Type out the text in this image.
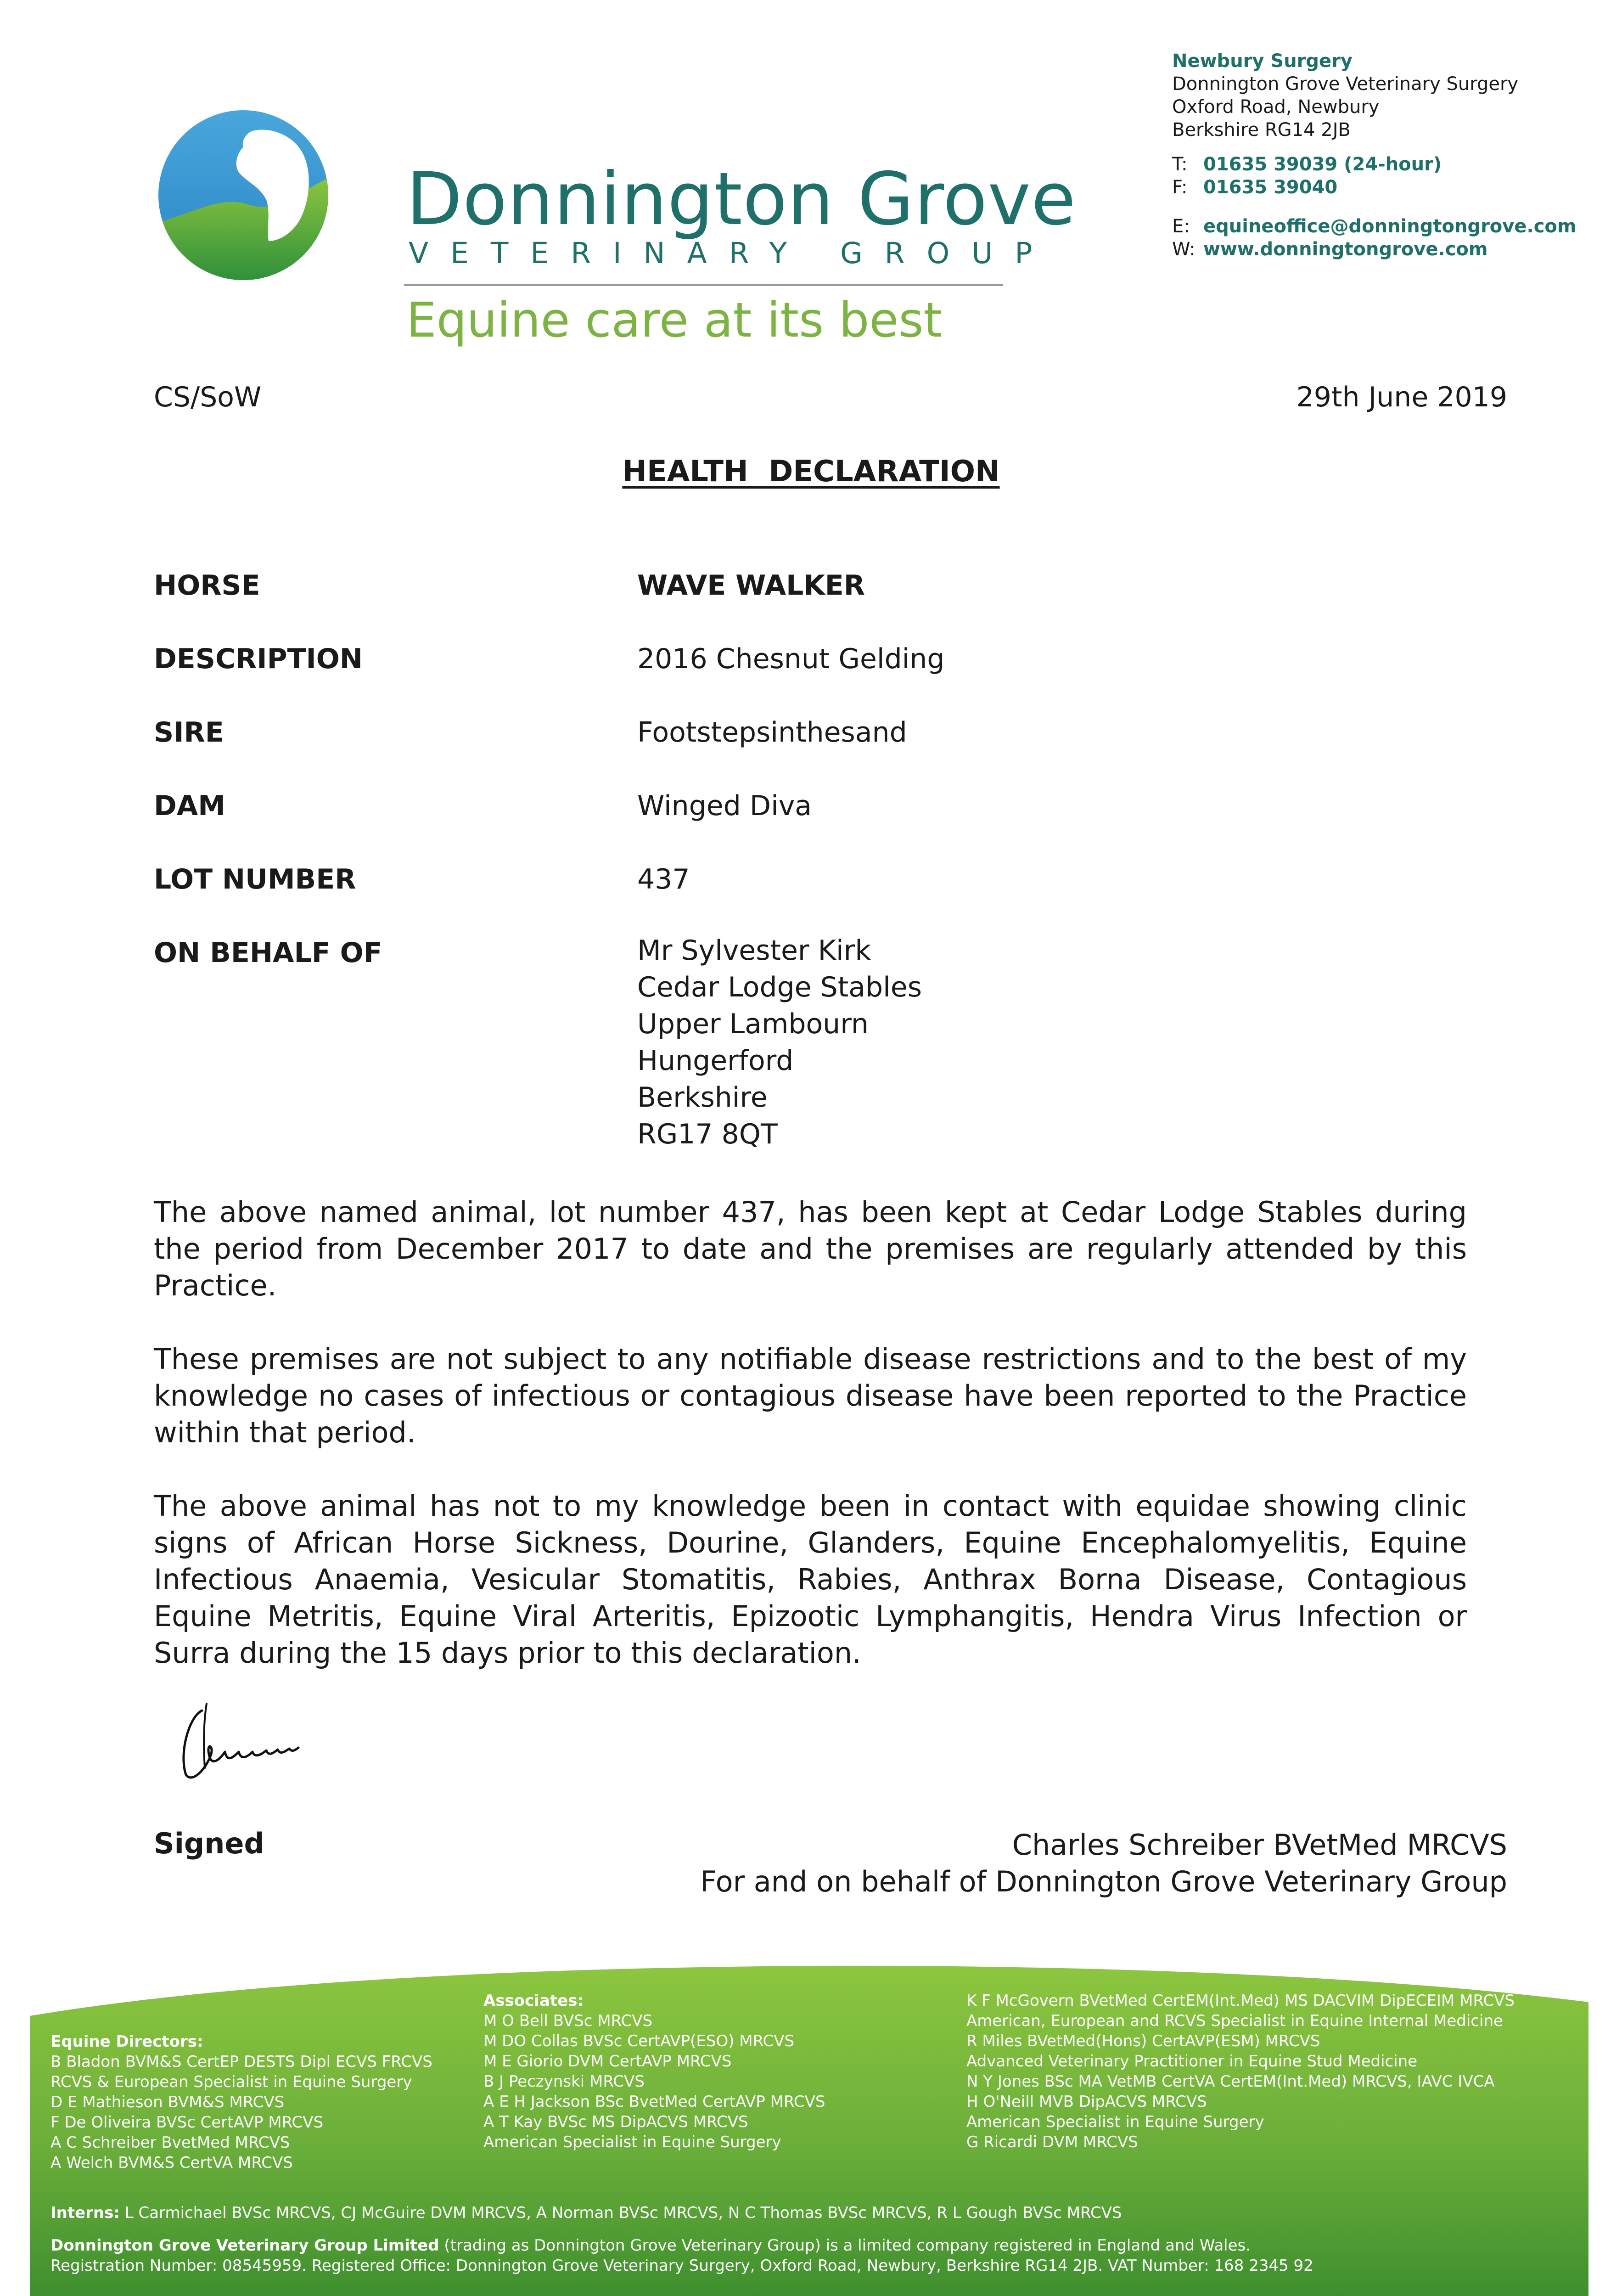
Donnington Grove
VETERINARY GROUP
Equine care at its best
Newbury Surgery
Donnington Grove Veterinary Surgery
Oxford Road, Newbury
Berkshire RG14 2JB
T: 01635 39039 (24-hour)
F: 01635 39040
E: equineoffice@donningtongrove.com
W: www.donningtongrove.com
CS/SoW	29th June 2019
HEALTH  DECLARATION
HORSE	WAVE WALKER
DESCRIPTION	2016 Chesnut Gelding
SIRE	Footstepsinthesand
DAM	Winged Diva
LOT NUMBER	437
ON BEHALF OF	Mr Sylvester Kirk
Cedar Lodge Stables
Upper Lambourn
Hungerford
Berkshire
RG17 8QT
The above named animal, lot number 437, has been kept at Cedar Lodge Stables during the period from December 2017 to date and the premises are regularly attended by this Practice.
These premises are not subject to any notifiable disease restrictions and to the best of my knowledge no cases of infectious or contagious disease have been reported to the Practice within that period.
The above animal has not to my knowledge been in contact with equidae showing clinic signs of African Horse Sickness, Dourine, Glanders, Equine Encephalomyelitis, Equine Infectious Anaemia, Vesicular Stomatitis, Rabies, Anthrax Borna Disease, Contagious Equine Metritis, Equine Viral Arteritis, Epizootic Lymphangitis, Hendra Virus Infection or Surra during the 15 days prior to this declaration.
Signed	Charles Schreiber BVetMed MRCVS
For and on behalf of Donnington Grove Veterinary Group
Equine Directors:
B Bladon BVM&S CertEP DESTS Dipl ECVS FRCVS
RCVS & European Specialist in Equine Surgery
D E Mathieson BVM&S MRCVS
F De Oliveira BVSc CertAVP MRCVS
A C Schreiber BvetMed MRCVS
A Welch BVM&S CertVA MRCVS
Associates:
M O Bell BVSc MRCVS
M DO Collas BVSc CertAVP(ESO) MRCVS
M E Giorio DVM CertAVP MRCVS
B J Peczynski MRCVS
A E H Jackson BSc BvetMed CertAVP MRCVS
A T Kay BVSc MS DipACVS MRCVS
American Specialist in Equine Surgery
K F McGovern BVetMed CertEM(Int.Med) MS DACVIM DipECEIM MRCVS
American, European and RCVS Specialist in Equine Internal Medicine
R Miles BVetMed(Hons) CertAVP(ESM) MRCVS
Advanced Veterinary Practitioner in Equine Stud Medicine
N Y Jones BSc MA VetMB CertVA CertEM(Int.Med) MRCVS, IAVC IVCA
H O'Neill MVB DipACVS MRCVS
American Specialist in Equine Surgery
G Ricardi DVM MRCVS
Interns: L Carmichael BVSc MRCVS, CJ McGuire DVM MRCVS, A Norman BVSc MRCVS, N C Thomas BVSc MRCVS, R L Gough BVSc MRCVS
Donnington Grove Veterinary Group Limited (trading as Donnington Grove Veterinary Group) is a limited company registered in England and Wales.
Registration Number: 08545959. Registered Office: Donnington Grove Veterinary Surgery, Oxford Road, Newbury, Berkshire RG14 2JB. VAT Number: 168 2345 92
